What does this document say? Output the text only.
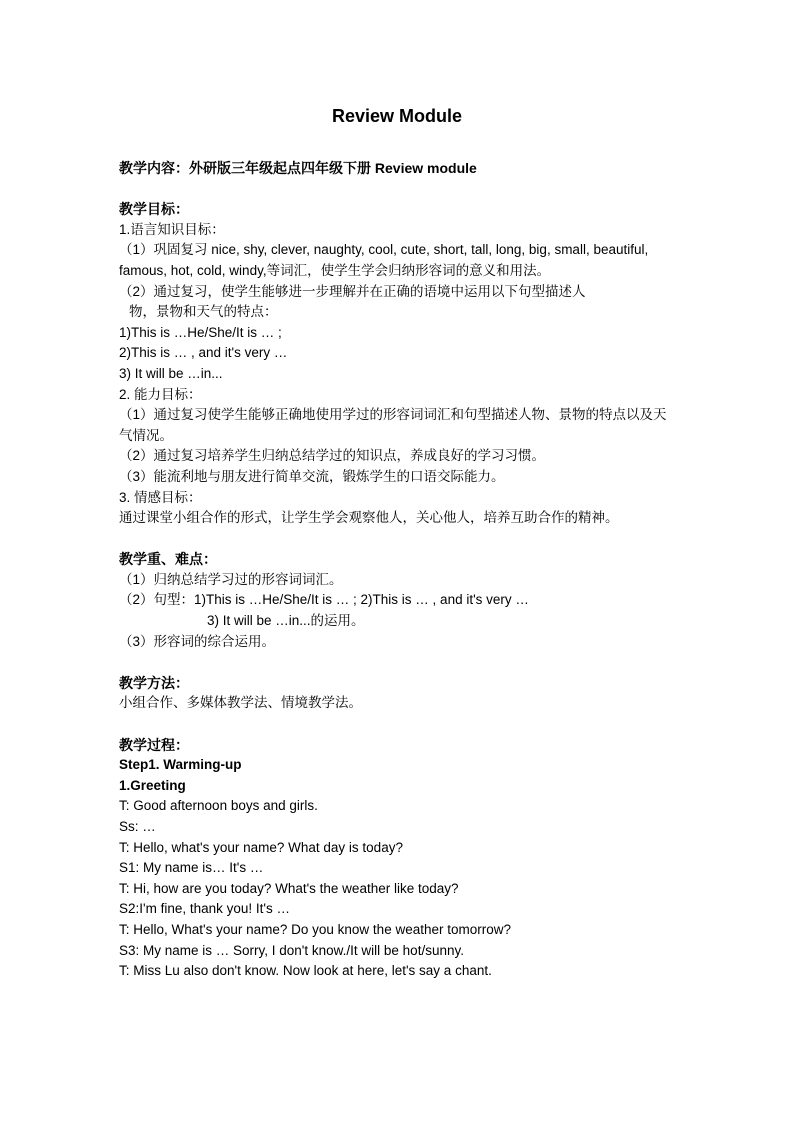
Review Module
教学内容：外研版三年级起点四年级下册 Review module
教学目标：
1.语言知识目标：
（1）巩固复习 nice, shy, clever, naughty, cool, cute, short, tall, long, big, small, beautiful, famous, hot, cold, windy,等词汇，使学生学会归纳形容词的意义和用法。
（2）通过复习，使学生能够进一步理解并在正确的语境中运用以下句型描述人
物，景物和天气的特点：
1)This is …He/She/It is … ;
2)This is … , and it's very …
3) It will be …in...
2. 能力目标：
（1）通过复习使学生能够正确地使用学过的形容词词汇和句型描述人物、景物的特点以及天气情况。
（2）通过复习培养学生归纳总结学过的知识点，养成良好的学习习惯。
（3）能流利地与朋友进行简单交流，锻炼学生的口语交际能力。
3. 情感目标：
通过课堂小组合作的形式，让学生学会观察他人，关心他人，培养互助合作的精神。
教学重、难点：
（1）归纳总结学习过的形容词词汇。
（2）句型：1)This is …He/She/It is … ; 2)This is … , and it's very …
3) It will be …in...的运用。
（3）形容词的综合运用。
教学方法：
小组合作、多媒体教学法、情境教学法。
教学过程：
Step1. Warming-up
1.Greeting
T: Good afternoon boys and girls.
Ss: …
T: Hello, what's your name? What day is today?
S1: My name is… It's …
T: Hi, how are you today? What's the weather like today?
S2:I'm fine, thank you! It's …
T: Hello, What's your name? Do you know the weather tomorrow?
S3: My name is … Sorry, I don't know./It will be hot/sunny.
T: Miss Lu also don't know. Now look at here, let's say a chant.
